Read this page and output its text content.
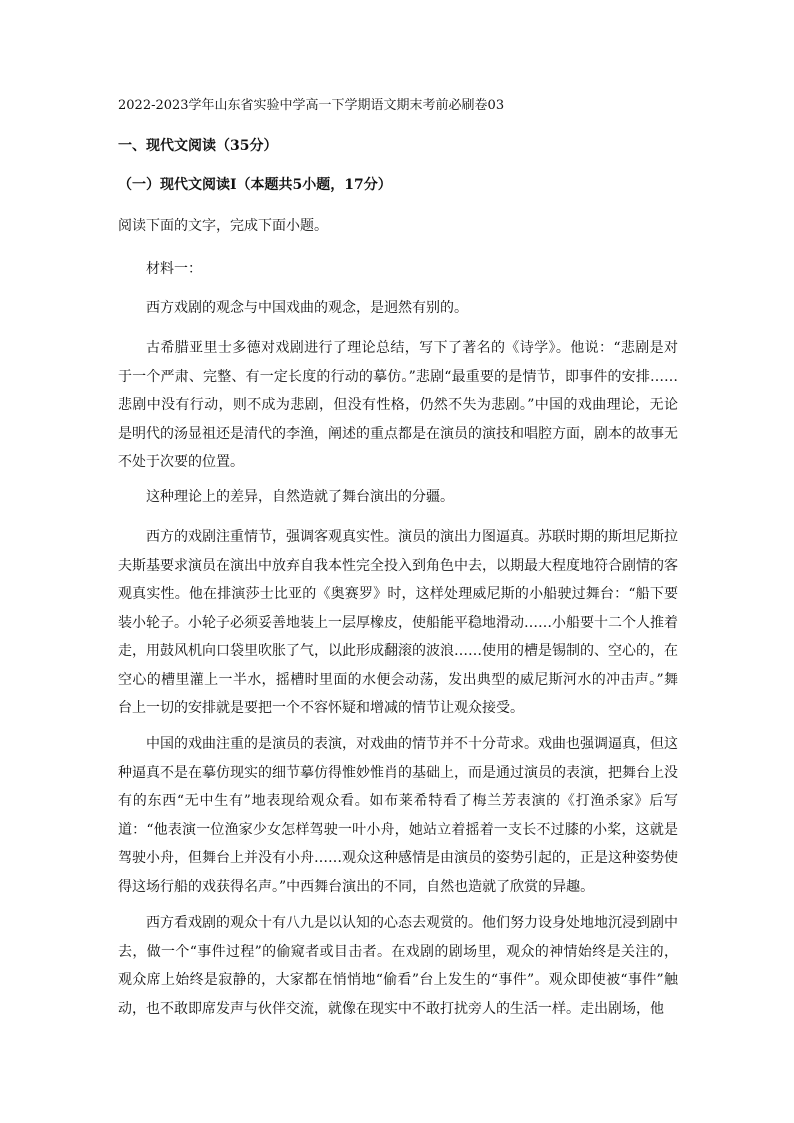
2022-2023学年山东省实验中学高一下学期语文期末考前必刷卷03
一、现代文阅读（35分）
（一）现代文阅读Ⅰ（本题共5小题，17分）
阅读下面的文字，完成下面小题。

材料一：

西方戏剧的观念与中国戏曲的观念，是迥然有别的。

古希腊亚里士多德对戏剧进行了理论总结，写下了著名的《诗学》。他说：“悲剧是对于一个严肃、完整、有一定长度的行动的摹仿。”悲剧“最重要的是情节，即事件的安排……悲剧中没有行动，则不成为悲剧，但没有性格，仍然不失为悲剧。”中国的戏曲理论，无论是明代的汤显祖还是清代的李渔，阐述的重点都是在演员的演技和唱腔方面，剧本的故事无不处于次要的位置。

这种理论上的差异，自然造就了舞台演出的分疆。

西方的戏剧注重情节，强调客观真实性。演员的演出力图逼真。苏联时期的斯坦尼斯拉夫斯基要求演员在演出中放弃自我本性完全投入到角色中去，以期最大程度地符合剧情的客观真实性。他在排演莎士比亚的《奥赛罗》时，这样处理威尼斯的小船驶过舞台：“船下要装小轮子。小轮子必须妥善地装上一层厚橡皮，使船能平稳地滑动……小船要十二个人推着走，用鼓风机向口袋里吹胀了气，以此形成翻滚的波浪……使用的槽是锡制的、空心的，在空心的槽里灌上一半水，摇槽时里面的水便会动荡，发出典型的威尼斯河水的冲击声。”舞台上一切的安排就是要把一个不容怀疑和增减的情节让观众接受。

中国的戏曲注重的是演员的表演，对戏曲的情节并不十分苛求。戏曲也强调逼真，但这种逼真不是在摹仿现实的细节摹仿得惟妙惟肖的基础上，而是通过演员的表演，把舞台上没有的东西“无中生有”地表现给观众看。如布莱希特看了梅兰芳表演的《打渔杀家》后写道：“他表演一位渔家少女怎样驾驶一叶小舟，她站立着摇着一支长不过膝的小桨，这就是驾驶小舟，但舞台上并没有小舟……观众这种感情是由演员的姿势引起的，正是这种姿势使得这场行船的戏获得名声。”中西舞台演出的不同，自然也造就了欣赏的异趣。

西方看戏剧的观众十有八九是以认知的心态去观赏的。他们努力设身处地地沉浸到剧中去，做一个“事件过程”的偷窥者或目击者。在戏剧的剧场里，观众的神情始终是关注的，观众席上始终是寂静的，大家都在悄悄地“偷看”台上发生的“事件”。观众即使被“事件”触动，也不敢即席发声与伙伴交流，就像在现实中不敢打扰旁人的生活一样。走出剧场，他
